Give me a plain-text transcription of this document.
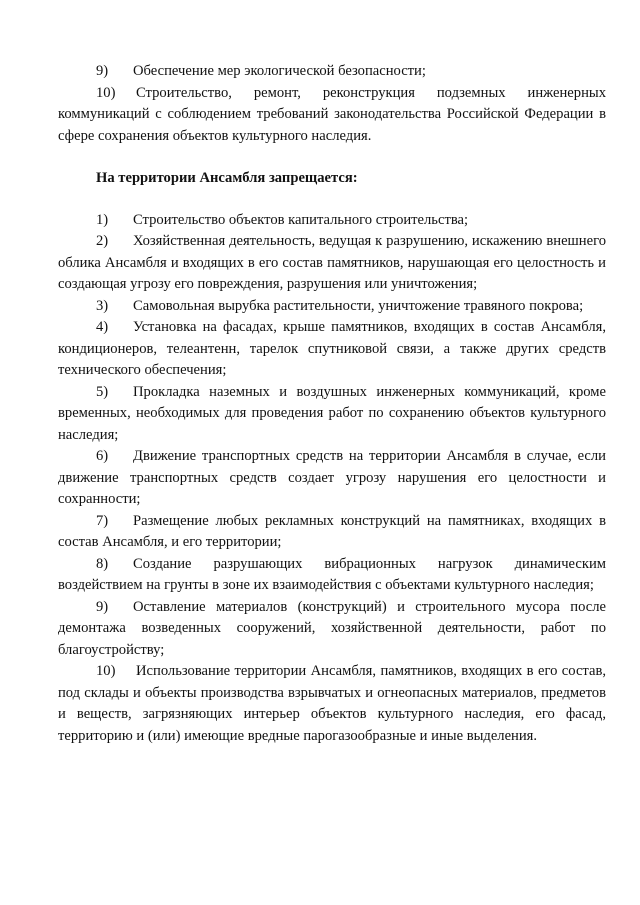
9) Обеспечение мер экологической безопасности;

10) Строительство, ремонт, реконструкция подземных инженерных коммуникаций с соблюдением требований законодательства Российской Федерации в сфере сохранения объектов культурного наследия.

На территории Ансамбля запрещается:

1) Строительство объектов капитального строительства;

2) Хозяйственная деятельность, ведущая к разрушению, искажению внешнего облика Ансамбля и входящих в его состав памятников, нарушающая его целостность и создающая угрозу его повреждения, разрушения или уничтожения;

3) Самовольная вырубка растительности, уничтожение травяного покрова;

4) Установка на фасадах, крыше памятников, входящих в состав Ансамбля, кондиционеров, телеантенн, тарелок спутниковой связи, а также других средств технического обеспечения;

5) Прокладка наземных и воздушных инженерных коммуникаций, кроме временных, необходимых для проведения работ по сохранению объектов культурного наследия;

6) Движение транспортных средств на территории Ансамбля в случае, если движение транспортных средств создает угрозу нарушения его целостности и сохранности;

7) Размещение любых рекламных конструкций на памятниках, входящих в состав Ансамбля, и его территории;

8) Создание разрушающих вибрационных нагрузок динамическим воздействием на грунты в зоне их взаимодействия с объектами культурного наследия;

9) Оставление материалов (конструкций) и строительного мусора после демонтажа возведенных сооружений, хозяйственной деятельности, работ по благоустройству;

10) Использование территории Ансамбля, памятников, входящих в его состав, под склады и объекты производства взрывчатых и огнеопасных материалов, предметов и веществ, загрязняющих интерьер объектов культурного наследия, его фасад, территорию и (или) имеющие вредные парогазообразные и иные выделения.
